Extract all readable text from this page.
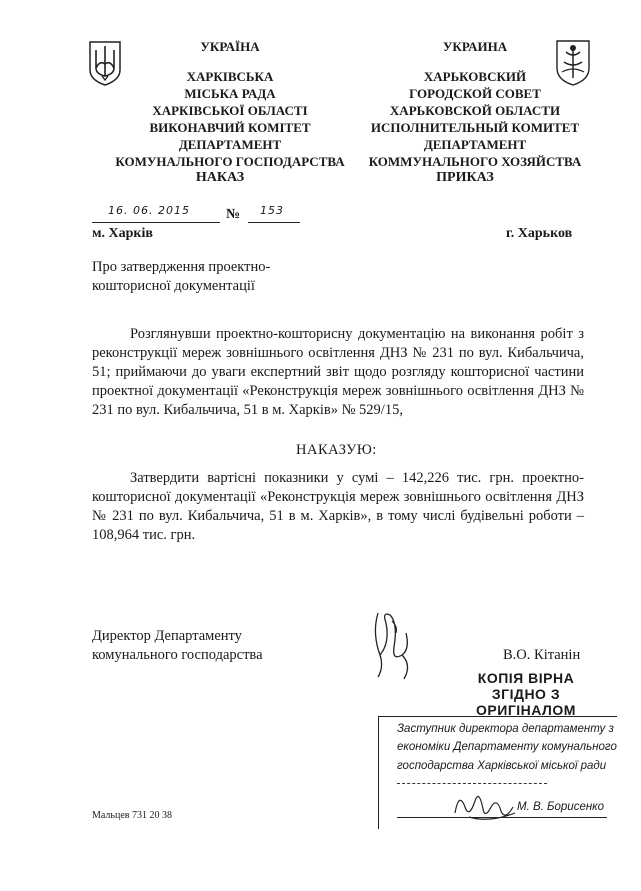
УКРАЇНА
ХАРКІВСЬКА
МІСЬКА РАДА
ХАРКІВСЬКОЇ ОБЛАСТІ
ВИКОНАВЧИЙ КОМІТЕТ
ДЕПАРТАМЕНТ
КОМУНАЛЬНОГО ГОСПОДАРСТВА
НАКАЗ
УКРАИНА
ХАРЬКОВСКИЙ
ГОРОДСКОЙ СОВЕТ
ХАРЬКОВСКОЙ ОБЛАСТИ
ИСПОЛНИТЕЛЬНЫЙ КОМИТЕТ
ДЕПАРТАМЕНТ
КОММУНАЛЬНОГО ХОЗЯЙСТВА
ПРИКАЗ
16. 06. 2015	№ 153
м. Харків	г. Харьков
Про затвердження проектно-
кошторисної документації
Розглянувши проектно-кошторисну документацію на виконання робіт з реконструкції мереж зовнішнього освітлення ДНЗ № 231 по вул. Кибальчича, 51; приймаючи до уваги експертний звіт щодо розгляду кошторисної частини проектної документації «Реконструкція мереж зовнішнього освітлення ДНЗ № 231 по вул. Кибальчича, 51 в м. Харків» № 529/15,
НАКАЗУЮ:
Затвердити вартісні показники у сумі – 142,226 тис. грн. проектно-кошторисної документації «Реконструкція мереж зовнішнього освітлення ДНЗ № 231 по вул. Кибальчича, 51 в м. Харків», в тому числі будівельні роботи – 108,964 тис. грн.
Директор Департаменту
комунального господарства	В.О. Кітанін
КОПІЯ ВІРНА
ЗГІДНО З
ОРИГІНАЛОМ
Заступник директора департаменту з
економіки Департаменту комунального
господарства Харківської міської ради
М. В. Борисенко
Мальцев 731 20 38
